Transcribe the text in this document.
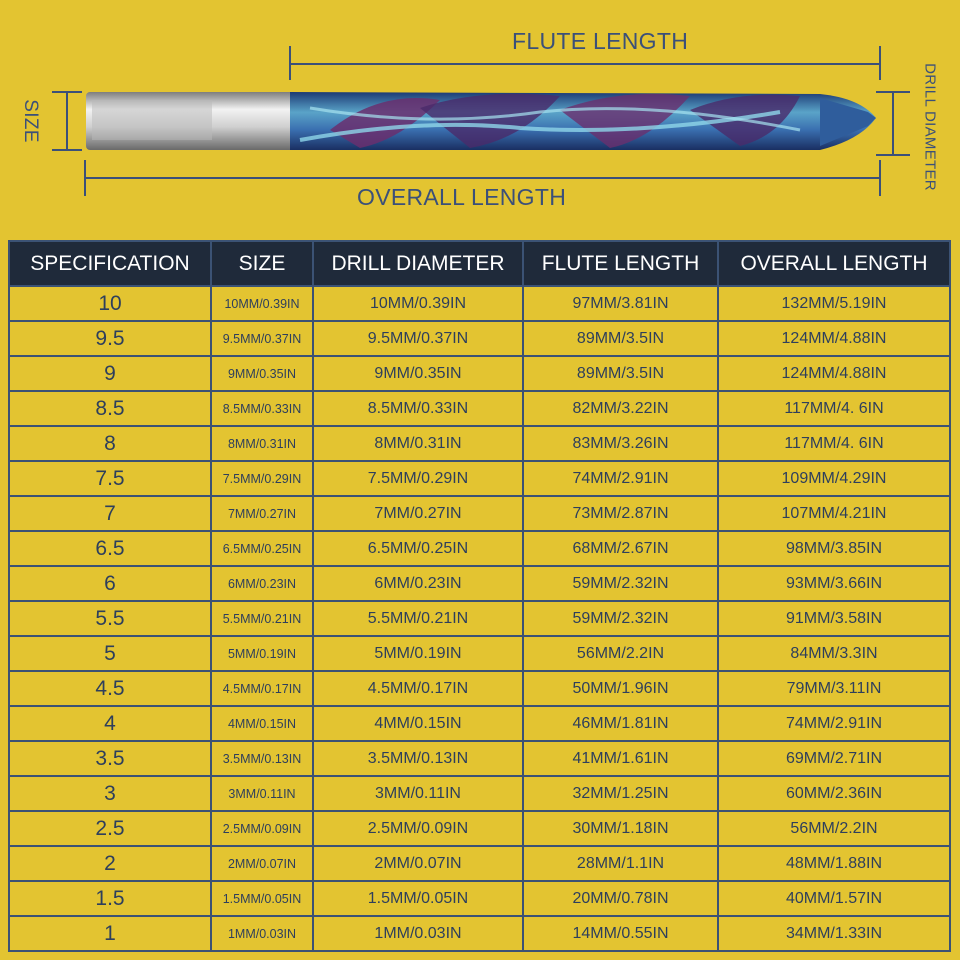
FLUTE LENGTH
OVERALL LENGTH
SIZE	DRILL DIAMETER
SPECIFICATION	SIZE	DRILL DIAMETER	FLUTE LENGTH	OVERALL LENGTH
10	10MM/0.39IN	10MM/0.39IN	97MM/3.81IN	132MM/5.19IN
9.5	9.5MM/0.37IN	9.5MM/0.37IN	89MM/3.5IN	124MM/4.88IN
9	9MM/0.35IN	9MM/0.35IN	89MM/3.5IN	124MM/4.88IN
8.5	8.5MM/0.33IN	8.5MM/0.33IN	82MM/3.22IN	117MM/4. 6IN
8	8MM/0.31IN	8MM/0.31IN	83MM/3.26IN	117MM/4. 6IN
7.5	7.5MM/0.29IN	7.5MM/0.29IN	74MM/2.91IN	109MM/4.29IN
7	7MM/0.27IN	7MM/0.27IN	73MM/2.87IN	107MM/4.21IN
6.5	6.5MM/0.25IN	6.5MM/0.25IN	68MM/2.67IN	98MM/3.85IN
6	6MM/0.23IN	6MM/0.23IN	59MM/2.32IN	93MM/3.66IN
5.5	5.5MM/0.21IN	5.5MM/0.21IN	59MM/2.32IN	91MM/3.58IN
5	5MM/0.19IN	5MM/0.19IN	56MM/2.2IN	84MM/3.3IN
4.5	4.5MM/0.17IN	4.5MM/0.17IN	50MM/1.96IN	79MM/3.11IN
4	4MM/0.15IN	4MM/0.15IN	46MM/1.81IN	74MM/2.91IN
3.5	3.5MM/0.13IN	3.5MM/0.13IN	41MM/1.61IN	69MM/2.71IN
3	3MM/0.11IN	3MM/0.11IN	32MM/1.25IN	60MM/2.36IN
2.5	2.5MM/0.09IN	2.5MM/0.09IN	30MM/1.18IN	56MM/2.2IN
2	2MM/0.07IN	2MM/0.07IN	28MM/1.1IN	48MM/1.88IN
1.5	1.5MM/0.05IN	1.5MM/0.05IN	20MM/0.78IN	40MM/1.57IN
1	1MM/0.03IN	1MM/0.03IN	14MM/0.55IN	34MM/1.33IN
